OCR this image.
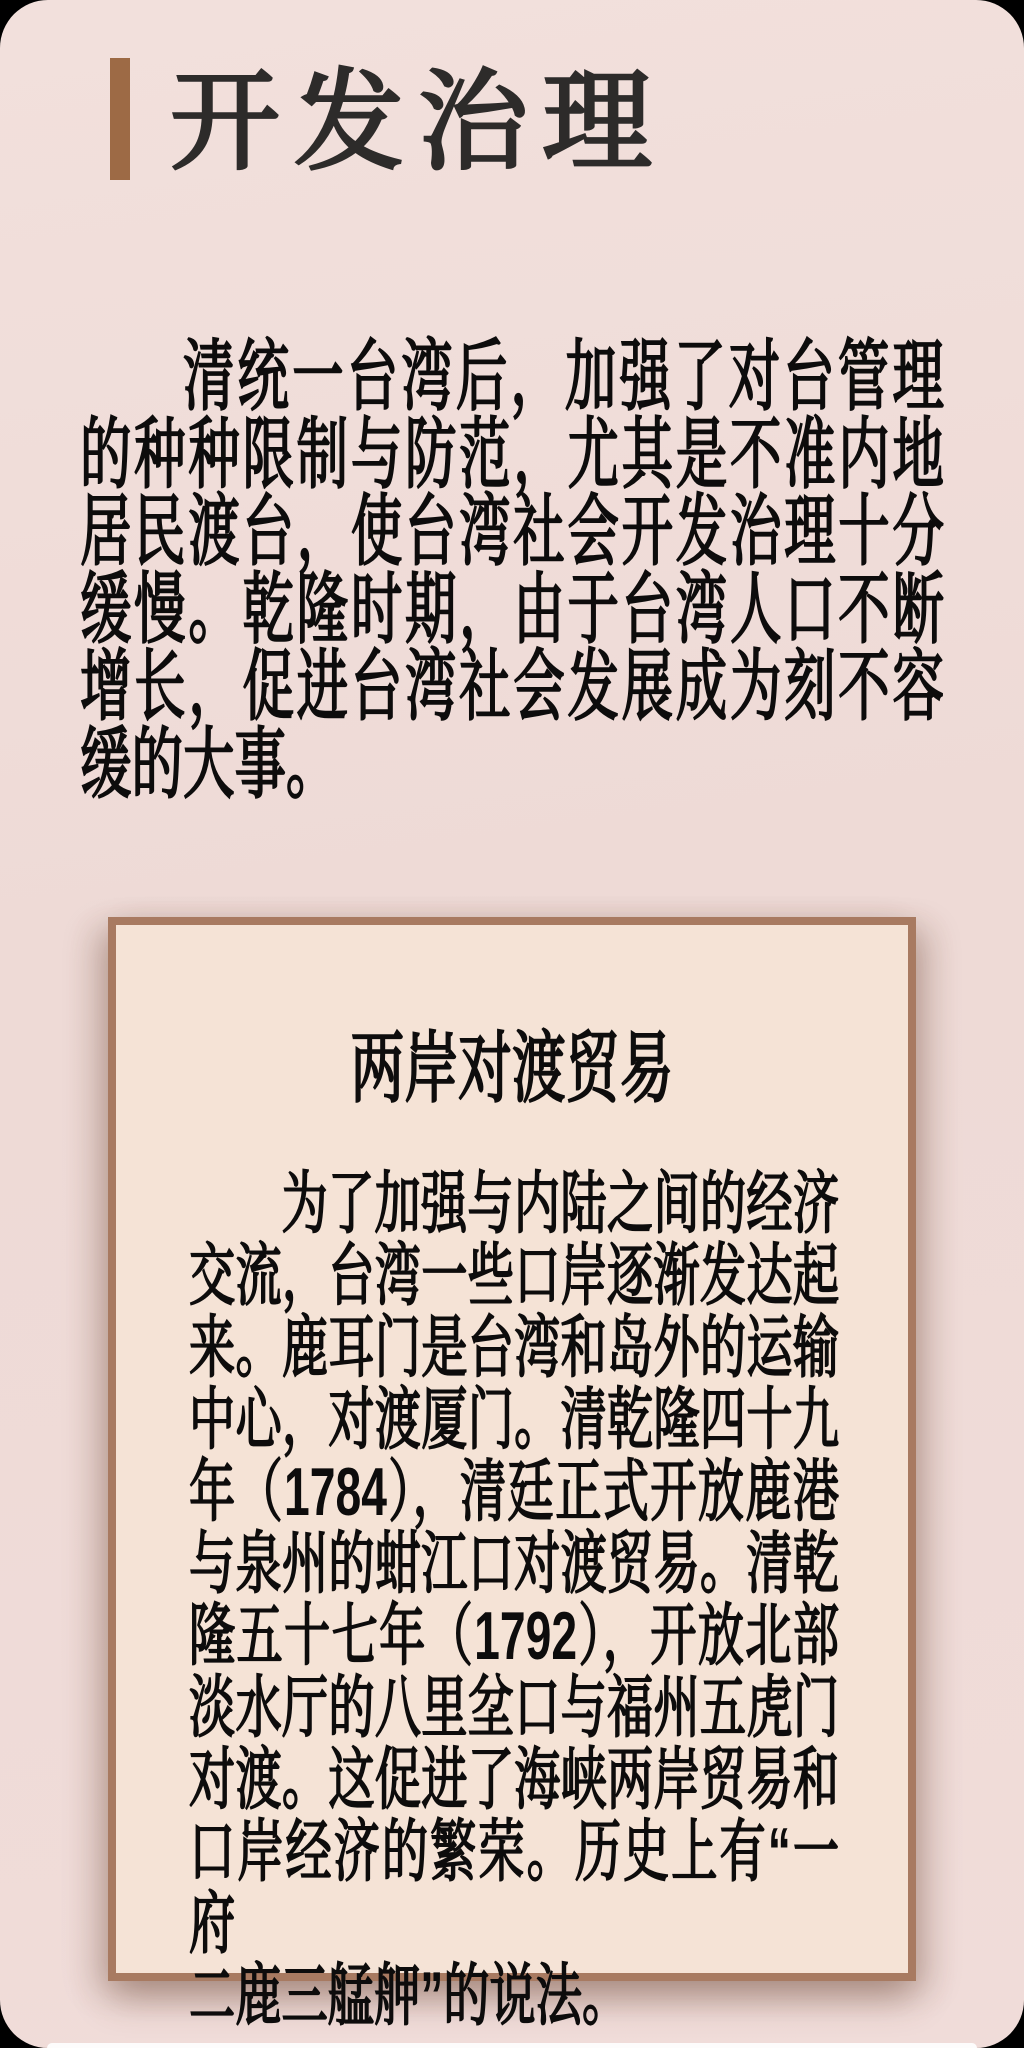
开发治理
清统一台湾后，加强了对台管理
的种种限制与防范，尤其是不准内地
居民渡台，使台湾社会开发治理十分
缓慢。乾隆时期，由于台湾人口不断
增长，促进台湾社会发展成为刻不容
缓的大事。
两岸对渡贸易
为了加强与内陆之间的经济
交流，台湾一些口岸逐渐发达起
来。鹿耳门是台湾和岛外的运输
中心，对渡厦门。清乾隆四十九
年（1784），清廷正式开放鹿港
与泉州的蚶江口对渡贸易。清乾
隆五十七年（1792），开放北部
淡水厅的八里坌口与福州五虎门
对渡。这促进了海峡两岸贸易和
口岸经济的繁荣。历史上有“一府
二鹿三艋舺”的说法。
